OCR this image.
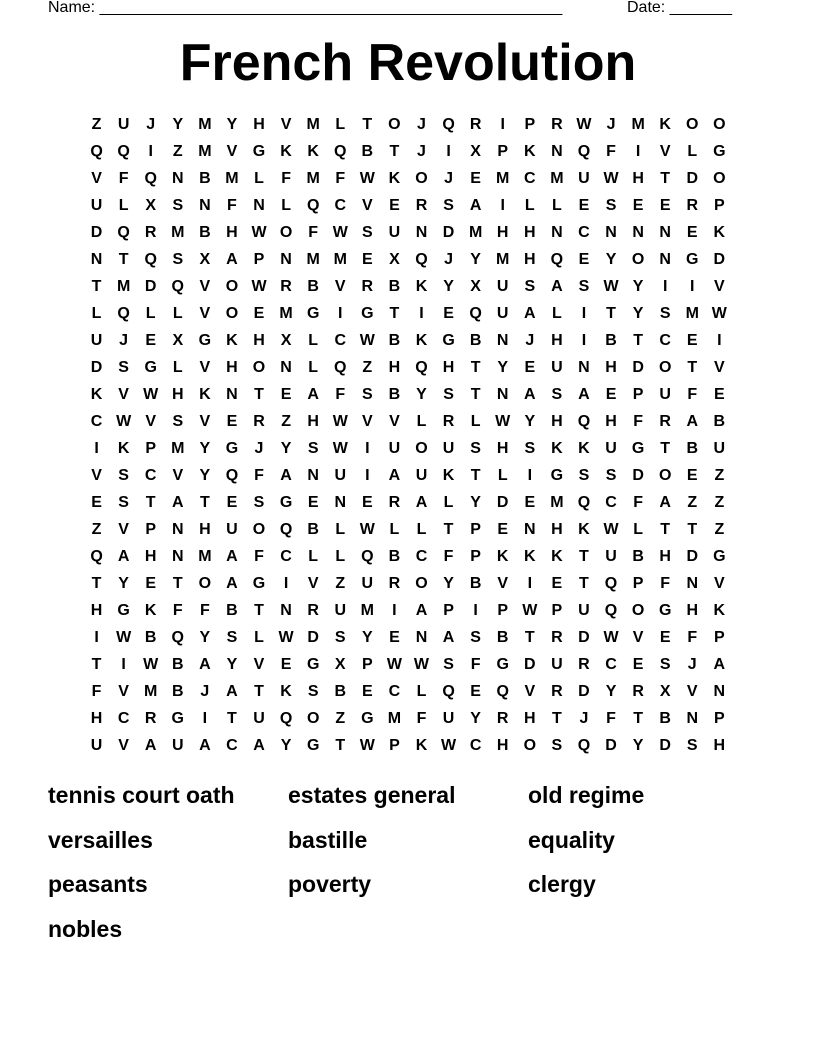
Name: ____________________________________________________	Date: _______
French Revolution
Z	U	J	Y M Y H V M L	T O	J	Q R	I	P R W J M K O O
Q Q	I	Z M V G K K Q B	T	J	I	X	P K N Q F	I	V	L G
V	F Q N B M L	F M F W K O	J	E M C M U W H	T	D O
U	L	X	S N	F	N	L Q C V	E R S A	I	L	L	E	S	E	E R P
D Q R M B H W O F W S U N D M H H N C N N N E K
N	T Q S	X A P N M M E	X Q	J	Y M H Q E	Y O N G D
T M D Q V O W R B V R B K Y	X U S A S W Y	I	I	V
L Q L	L	V O E M G	I	G T	I	E Q U A	L	I	T	Y	S M W
U	J	E	X G K H X	L	C W B K G B N	J	H	I	B	T	C E	I
D S G L	V H O N	L Q Z	H Q H	T	Y	E U N H D O T	V
K V W H K N	T	E A	F	S B Y	S	T	N A S A E	P U	F	E
C W V	S	V	E R	Z	H W V	V	L	R	L W Y H Q H	F	R A B
I	K P M Y G	J	Y	S W	I	U O U S H S K K U G T	B U
V	S C V	Y Q F	A N U	I	A U K	T	L	I	G S	S D O E	Z
E	S	T	A	T	E	S G E N E R A	L	Y D E M Q C	F	A	Z	Z
Z	V	P N H U O Q B	L W L	L	T	P	E N H K W L	T	T	Z
Q A H N M A	F	C	L	L Q B C	F	P K K K	T	U B H D G
T	Y	E	T O A G	I	V	Z	U R O Y B V	I	E	T Q P	F	N V
H G K	F	F	B	T	N R U M	I	A P	I	P W P U Q O G H K
I	W B Q Y	S	L W D S	Y	E N A S B	T	R D W V	E	F	P
T	I	W B A Y	V	E G X	P W W S	F G D U R C E	S	J	A
F	V M B	J	A	T	K S B E C	L Q E Q V R D Y R X	V N
H C R G	I	T	U Q O Z G M F	U Y R H	T	J	F	T	B N P
U V A U A C A Y G T W P K W C H O S Q D Y D S H
tennis court oath	estates general	old regime
versailles	bastille	equality
peasants	poverty	clergy
nobles
